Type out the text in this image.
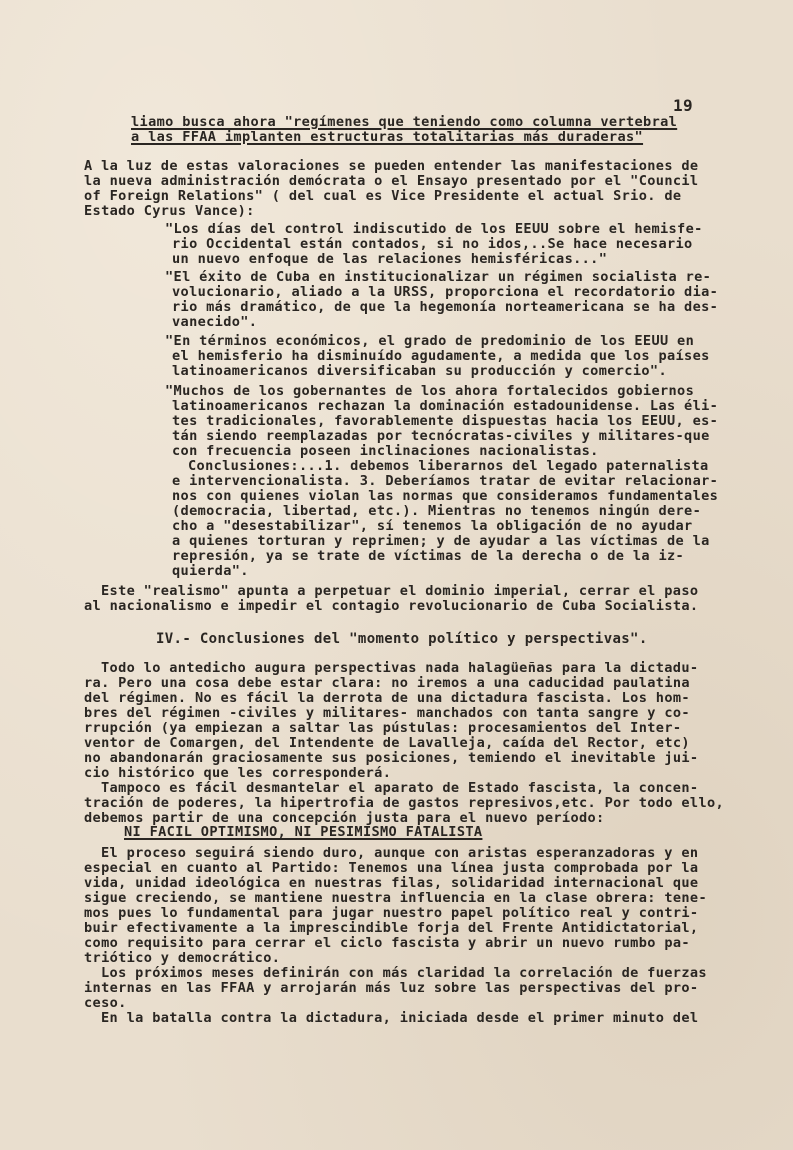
19
liamo busca ahora "regímenes que teniendo como columna vertebral
a las FFAA implanten estructuras totalitarias más duraderas"
A la luz de estas valoraciones se pueden entender las manifestaciones de
la nueva administración demócrata o el Ensayo presentado por el "Council
of Foreign Relations" ( del cual es Vice Presidente el actual Srio. de
Estado Cyrus Vance):
"Los días del control indiscutido de los EEUU sobre el hemisfe-
rio Occidental están contados, si no idos,..Se hace necesario
un nuevo enfoque de las relaciones hemisféricas..."
"El éxito de Cuba en institucionalizar un régimen socialista re-
volucionario, aliado a la URSS, proporciona el recordatorio dia-
rio más dramático, de que la hegemonía norteamericana se ha des-
vanecido".
"En términos económicos, el grado de predominio de los EEUU en
el hemisferio ha disminuído agudamente, a medida que los países
latinoamericanos diversificaban su producción y comercio".
"Muchos de los gobernantes de los ahora fortalecidos gobiernos
latinoamericanos rechazan la dominación estadounidense. Las éli-
tes tradicionales, favorablemente dispuestas hacia los EEUU, es-
tán siendo reemplazadas por tecnócratas-civiles y militares-que
con frecuencia poseen inclinaciones nacionalistas.
Conclusiones:...1. debemos liberarnos del legado paternalista
e intervencionalista. 3. Deberíamos tratar de evitar relacionar-
nos con quienes violan las normas que consideramos fundamentales
(democracia, libertad, etc.). Mientras no tenemos ningún dere-
cho a "desestabilizar", sí tenemos la obligación de no ayudar
a quienes torturan y reprimen; y de ayudar a las víctimas de la
represión, ya se trate de víctimas de la derecha o de la iz-
quierda".
Este "realismo" apunta a perpetuar el dominio imperial, cerrar el paso
al nacionalismo e impedir el contagio revolucionario de Cuba Socialista.
IV.- Conclusiones del "momento político y perspectivas".
Todo lo antedicho augura perspectivas nada halagüeñas para la dictadu-
ra. Pero una cosa debe estar clara: no iremos a una caducidad paulatina
del régimen. No es fácil la derrota de una dictadura fascista. Los hom-
bres del régimen -civiles y militares- manchados con tanta sangre y co-
rrupción (ya empiezan a saltar las pústulas: procesamientos del Inter-
ventor de Comargen, del Intendente de Lavalleja, caída del Rector, etc)
no abandonarán graciosamente sus posiciones, temiendo el inevitable jui-
cio histórico que les corresponderá.
Tampoco es fácil desmantelar el aparato de Estado fascista, la concen-
tración de poderes, la hipertrofia de gastos represivos,etc. Por todo ello,
debemos partir de una concepción justa para el nuevo período:
NI FACIL OPTIMISMO, NI PESIMISMO FATALISTA
El proceso seguirá siendo duro, aunque con aristas esperanzadoras y en
especial en cuanto al Partido: Tenemos una línea justa comprobada por la
vida, unidad ideológica en nuestras filas, solidaridad internacional que
sigue creciendo, se mantiene nuestra influencia en la clase obrera: tene-
mos pues lo fundamental para jugar nuestro papel político real y contri-
buir efectivamente a la imprescindible forja del Frente Antidictatorial,
como requisito para cerrar el ciclo fascista y abrir un nuevo rumbo pa-
triótico y democrático.
Los próximos meses definirán con más claridad la correlación de fuerzas
internas en las FFAA y arrojarán más luz sobre las perspectivas del pro-
ceso.
En la batalla contra la dictadura, iniciada desde el primer minuto del
